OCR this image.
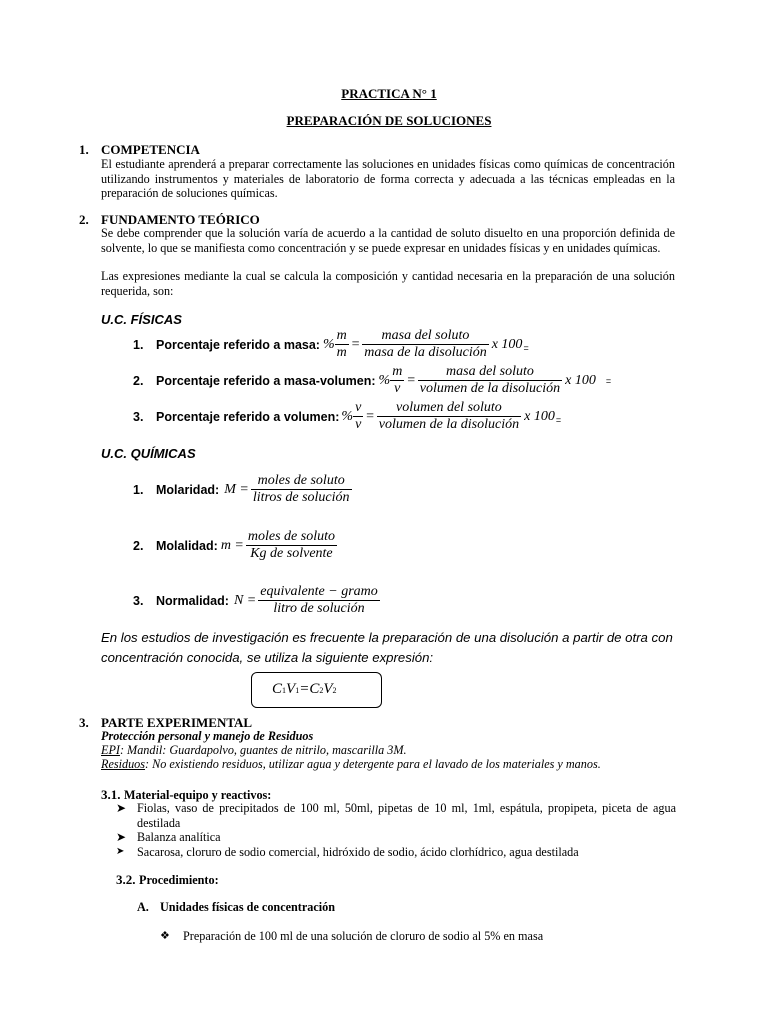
PRACTICA N° 1
PREPARACIÓN DE SOLUCIONES
1. COMPETENCIA
El estudiante aprenderá a preparar correctamente las soluciones en unidades físicas como químicas de concentración utilizando instrumentos y materiales de laboratorio de forma correcta y adecuada a las técnicas empleadas en la preparación de soluciones químicas.
2. FUNDAMENTO TEÓRICO
Se debe comprender que la solución varía de acuerdo a la cantidad de soluto disuelto en una proporción definida de solvente, lo que se manifiesta como concentración y se puede expresar en unidades físicas y en unidades químicas.
Las expresiones mediante la cual se calcula la composición y cantidad necesaria en la preparación de una solución requerida, son:
U.C. FÍSICAS
1.	Porcentaje referido a masa: % $\frac{m}{m} = \frac{\text{masa del soluto}}{\text{masa de la disolución}}$ x 100 =
2.	Porcentaje referido a masa-volumen: % $\frac{m}{v} = \frac{\text{masa del soluto}}{\text{volumen de la disolución}}$ x 100 =
3.	Porcentaje referido a volumen: % $\frac{v}{v} = \frac{\text{volumen del soluto}}{\text{volumen de la disolución}}$ x 100 =
U.C. QUÍMICAS
1.	Molaridad: $M = \frac{\text{moles de soluto}}{\text{litros de solución}}$
2.	Molalidad: $m = \frac{\text{moles de soluto}}{\text{Kg de solvente}}$
3.	Normalidad: $N = \frac{\text{equivalente − gramo}}{\text{litro de solución}}$
En los estudios de investigación es frecuente la preparación de una disolución a partir de otra con concentración conocida, se utiliza la siguiente expresión:
C1V1=C2V2
3. PARTE EXPERIMENTAL
Protección personal y manejo de Residuos
EPI: Mandil: Guardapolvo, guantes de nitrilo, mascarilla 3M.
Residuos: No existiendo residuos, utilizar agua y detergente para el lavado de los materiales y manos.
3.1. Material-equipo y reactivos:
➤ Fiolas, vaso de precipitados de 100 ml, 50ml, pipetas de 10 ml, 1ml, espátula, propipeta, piceta de agua destilada
➤ Balanza analítica
➤	Sacarosa, cloruro de sodio comercial, hidróxido de sodio, ácido clorhídrico, agua destilada
3.2. Procedimiento:
A. Unidades físicas de concentración
❖	Preparación de 100 ml de una solución de cloruro de sodio al 5% en masa
